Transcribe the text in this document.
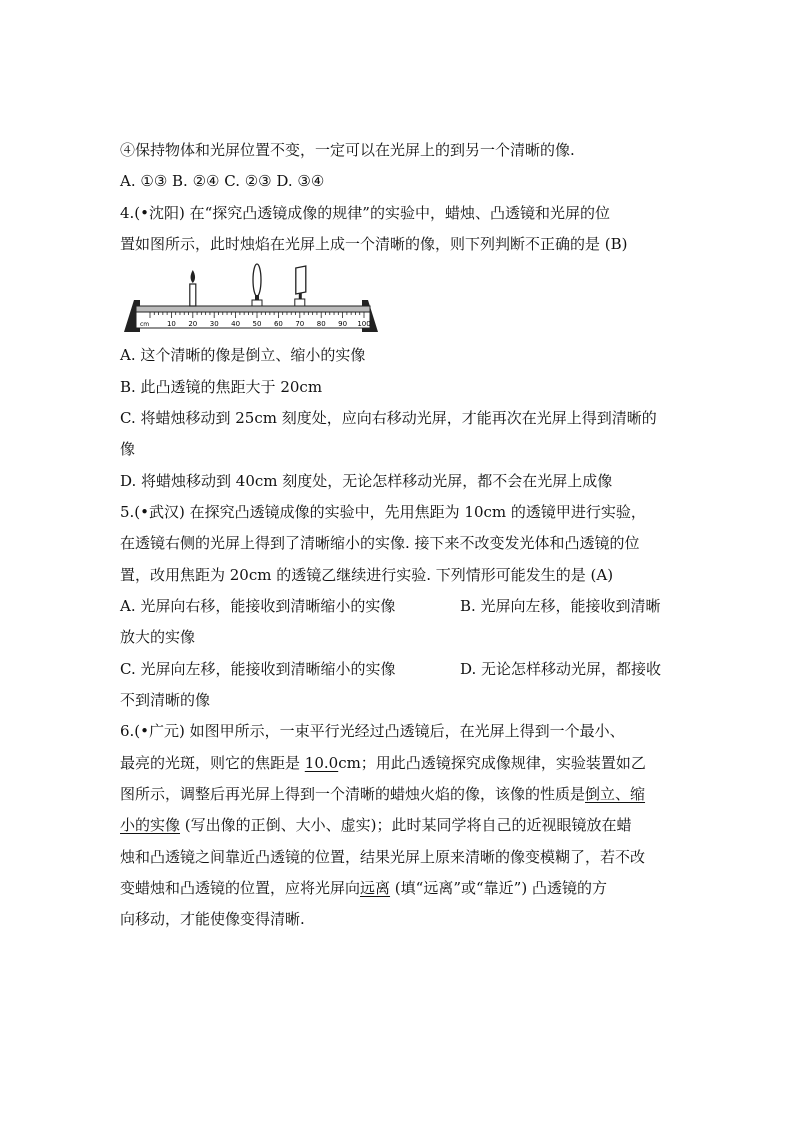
④保持物体和光屏位置不变，一定可以在光屏上的到另一个清晰的像.
A. ①③ B. ②④ C. ②③ D. ③④
4.(•沈阳) 在“探究凸透镜成像的规律”的实验中，蜡烛、凸透镜和光屏的位
置如图所示，此时烛焰在光屏上成一个清晰的像，则下列判断不正确的是 (B)
10 20 30 40 50 60 70 80 90 100
cm
A. 这个清晰的像是倒立、缩小的实像
B. 此凸透镜的焦距大于 20cm
C. 将蜡烛移动到 25cm 刻度处，应向右移动光屏，才能再次在光屏上得到清晰的
像
D. 将蜡烛移动到 40cm 刻度处，无论怎样移动光屏，都不会在光屏上成像
5.(•武汉) 在探究凸透镜成像的实验中，先用焦距为 10cm 的透镜甲进行实验，
在透镜右侧的光屏上得到了清晰缩小的实像. 接下来不改变发光体和凸透镜的位
置，改用焦距为 20cm 的透镜乙继续进行实验. 下列情形可能发生的是 (A)
A. 光屏向右移，能接收到清晰缩小的实像	B. 光屏向左移，能接收到清晰
放大的实像
C. 光屏向左移，能接收到清晰缩小的实像	D. 无论怎样移动光屏，都接收
不到清晰的像
6.(•广元) 如图甲所示，一束平行光经过凸透镜后，在光屏上得到一个最小、
最亮的光斑，则它的焦距是 10.0cm；用此凸透镜探究成像规律，实验装置如乙
图所示，调整后再光屏上得到一个清晰的蜡烛火焰的像，该像的性质是倒立、缩
小的实像 (写出像的正倒、大小、虚实)；此时某同学将自己的近视眼镜放在蜡
烛和凸透镜之间靠近凸透镜的位置，结果光屏上原来清晰的像变模糊了，若不改
变蜡烛和凸透镜的位置，应将光屏向远离 (填“远离”或“靠近”) 凸透镜的方
向移动，才能使像变得清晰.
